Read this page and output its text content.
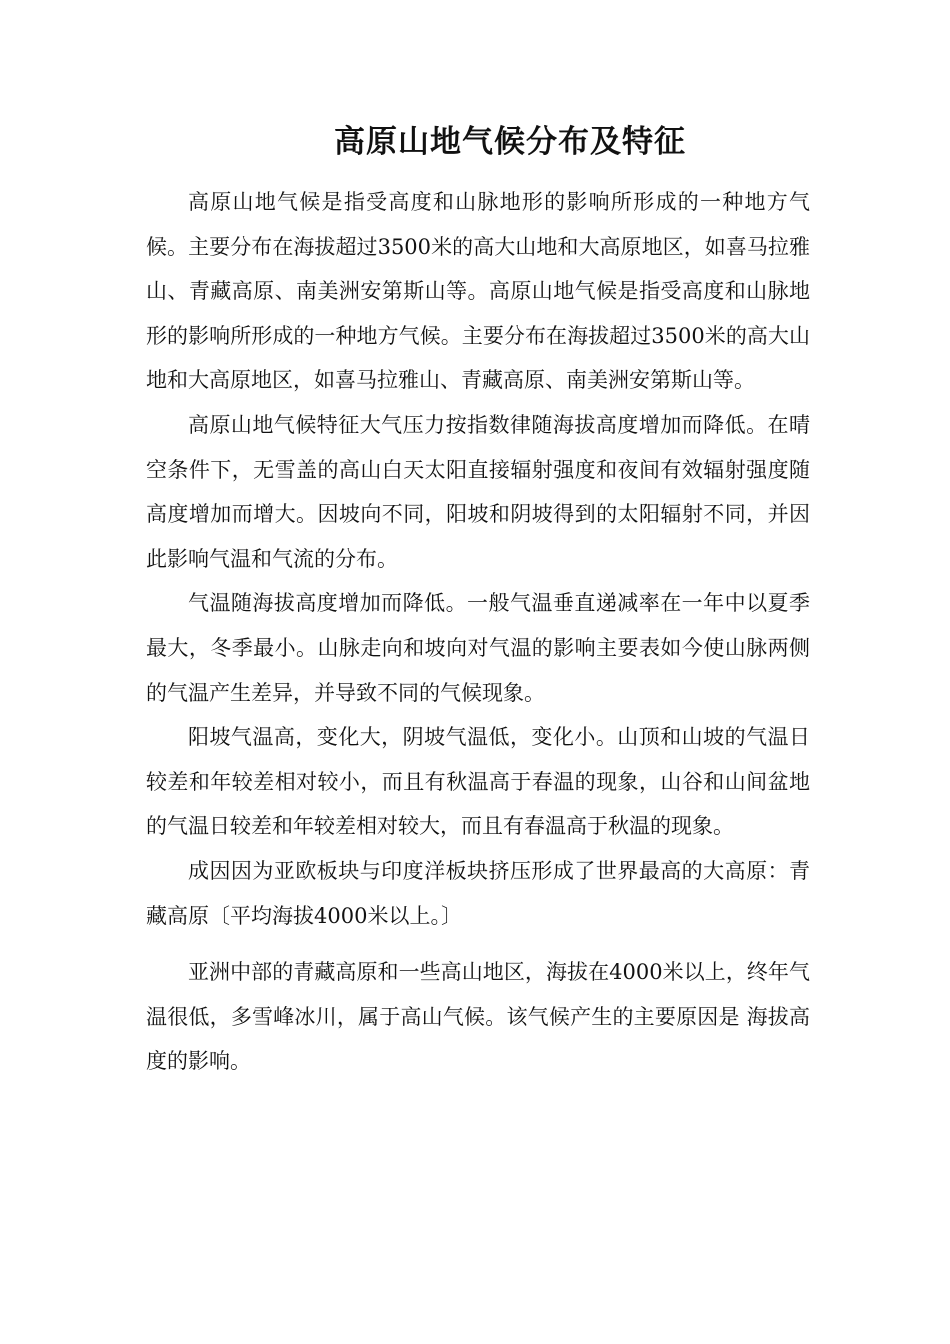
高原山地气候分布及特征

高原山地气候是指受高度和山脉地形的影响所形成的一种地方气候。主要分布在海拔超过3500米的高大山地和大高原地区，如喜马拉雅山、青藏高原、南美洲安第斯山等。高原山地气候是指受高度和山脉地形的影响所形成的一种地方气候。主要分布在海拔超过3500米的高大山地和大高原地区，如喜马拉雅山、青藏高原、南美洲安第斯山等。

高原山地气候特征大气压力按指数律随海拔高度增加而降低。在晴空条件下，无雪盖的高山白天太阳直接辐射强度和夜间有效辐射强度随高度增加而增大。因坡向不同，阳坡和阴坡得到的太阳辐射不同，并因此影响气温和气流的分布。

气温随海拔高度增加而降低。一般气温垂直递减率在一年中以夏季最大，冬季最小。山脉走向和坡向对气温的影响主要表如今使山脉两侧的气温产生差异，并导致不同的气候现象。

阳坡气温高，变化大，阴坡气温低，变化小。山顶和山坡的气温日较差和年较差相对较小，而且有秋温高于春温的现象，山谷和山间盆地的气温日较差和年较差相对较大，而且有春温高于秋温的现象。

成因因为亚欧板块与印度洋板块挤压形成了世界最高的大高原：青藏高原〔平均海拔4000米以上。〕

亚洲中部的青藏高原和一些高山地区，海拔在4000米以上，终年气温很低，多雪峰冰川，属于高山气候。该气候产生的主要原因是 海拔高度的影响。
